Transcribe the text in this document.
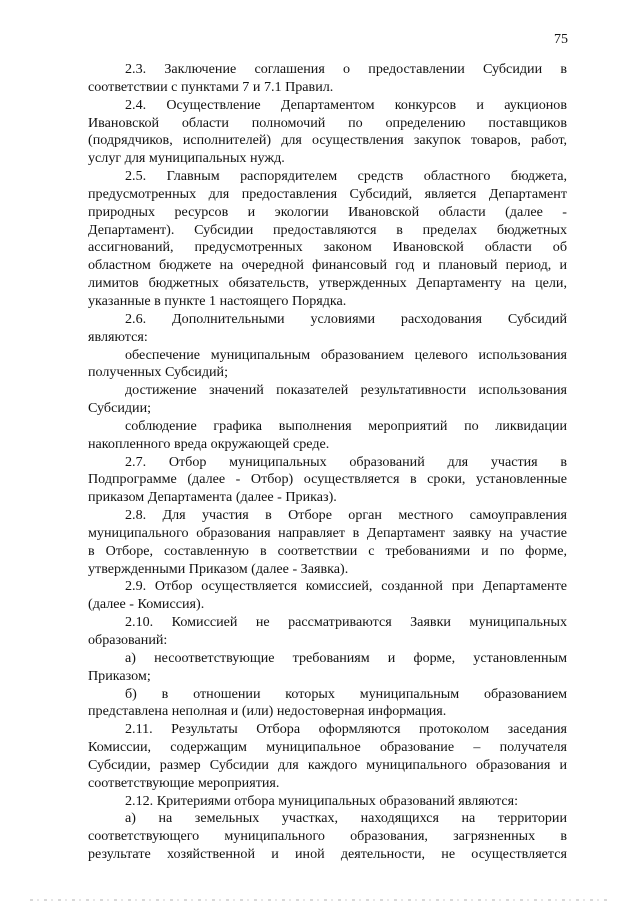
75
2.3. Заключение соглашения о предоставлении Субсидии в
соответствии с пунктами 7 и 7.1 Правил.
2.4. Осуществление Департаментом конкурсов и аукционов
Ивановской области полномочий по определению поставщиков
(подрядчиков, исполнителей) для осуществления закупок товаров, работ,
услуг для муниципальных нужд.
2.5. Главным распорядителем средств областного бюджета,
предусмотренных для предоставления Субсидий, является Департамент
природных ресурсов и экологии Ивановской области (далее -
Департамент). Субсидии предоставляются в пределах бюджетных
ассигнований, предусмотренных законом Ивановской области об
областном бюджете на очередной финансовый год и плановый период, и
лимитов бюджетных обязательств, утвержденных Департаменту на цели,
указанные в пункте 1 настоящего Порядка.
2.6. Дополнительными условиями расходования Субсидий
являются:
обеспечение муниципальным образованием целевого использования
полученных Субсидий;
достижение значений показателей результативности использования
Субсидии;
соблюдение графика выполнения мероприятий по ликвидации
накопленного вреда окружающей среде.
2.7. Отбор муниципальных образований для участия в
Подпрограмме (далее - Отбор) осуществляется в сроки, установленные
приказом Департамента (далее - Приказ).
2.8. Для участия в Отборе орган местного самоуправления
муниципального образования направляет в Департамент заявку на участие
в Отборе, составленную в соответствии с требованиями и по форме,
утвержденными Приказом (далее - Заявка).
2.9. Отбор осуществляется комиссией, созданной при Департаменте
(далее - Комиссия).
2.10. Комиссией не рассматриваются Заявки муниципальных
образований:
а) несоответствующие требованиям и форме, установленным
Приказом;
б) в отношении которых муниципальным образованием
представлена неполная и (или) недостоверная информация.
2.11. Результаты Отбора оформляются протоколом заседания
Комиссии, содержащим муниципальное образование – получателя
Субсидии, размер Субсидии для каждого муниципального образования и
соответствующие мероприятия.
2.12. Критериями отбора муниципальных образований являются:
а) на земельных участках, находящихся на территории
соответствующего муниципального образования, загрязненных в
результате хозяйственной и иной деятельности, не осуществляется
